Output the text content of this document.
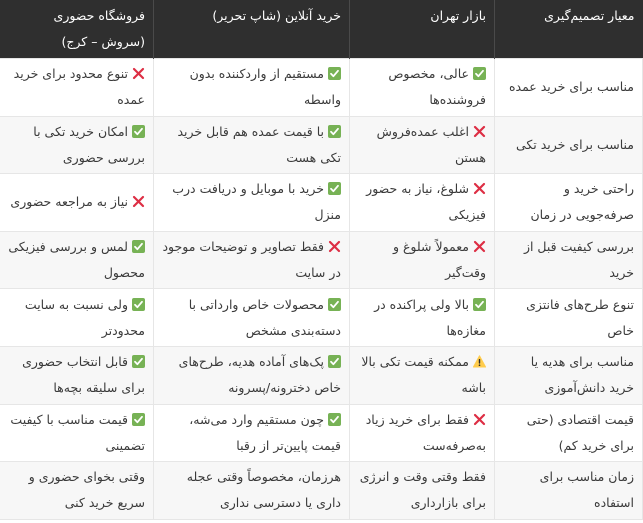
معیار تصمیم‌گیری	بازار تهران	خرید آنلاین (شاپ تحریر)	فروشگاه حضوری (سروش – کرج)
مناسب برای خرید عمده	عالی، مخصوص فروشنده‌ها	مستقیم از واردکننده بدون واسطه	تنوع محدود برای خرید عمده
مناسب برای خرید تکی	اغلب عمده‌فروش هستن	با قیمت عمده هم قابل خرید تکی هست	امکان خرید تکی با بررسی حضوری
راحتی خرید و صرفه‌جویی در زمان	شلوغ، نیاز به حضور فیزیکی	خرید با موبایل و دریافت درب منزل	نیاز به مراجعه حضوری
بررسی کیفیت قبل از خرید	معمولاً شلوغ و وقت‌گیر	فقط تصاویر و توضیحات موجود در سایت	لمس و بررسی فیزیکی محصول
تنوع طرح‌های فانتزی خاص	بالا ولی پراکنده در مغازه‌ها	محصولات خاص وارداتی با دسته‌بندی مشخص	ولی نسبت به سایت محدودتر
مناسب برای هدیه یا خرید دانش‌آموزی	ممکنه قیمت تکی بالا باشه	پک‌های آماده هدیه، طرح‌های خاص دخترونه/پسرونه	قابل انتخاب حضوری برای سلیقه بچه‌ها
قیمت اقتصادی (حتی برای خرید کم)	فقط برای خرید زیاد به‌صرفه‌ست	چون مستقیم وارد می‌شه، قیمت پایین‌تر از رقبا	قیمت مناسب با کیفیت تضمینی
زمان مناسب برای استفاده	فقط وقتی وقت و انرژی برای بازارداری	هرزمان، مخصوصاً وقتی عجله داری یا دسترسی نداری	وقتی بخوای حضوری و سریع خرید کنی
